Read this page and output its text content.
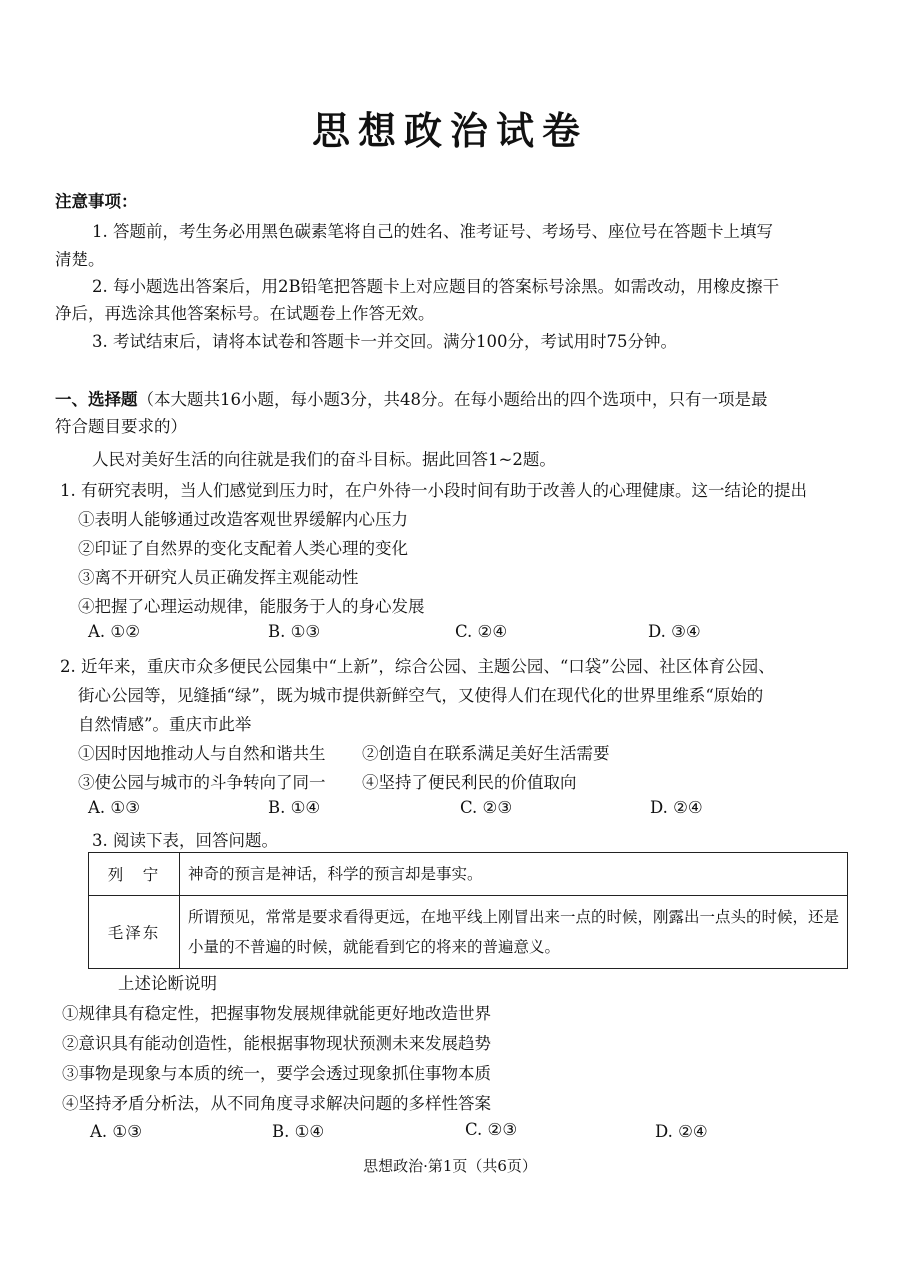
思想政治试卷
注意事项：
1. 答题前，考生务必用黑色碳素笔将自己的姓名、准考证号、考场号、座位号在答题卡上填写
清楚。
2. 每小题选出答案后，用2B铅笔把答题卡上对应题目的答案标号涂黑。如需改动，用橡皮擦干
净后，再选涂其他答案标号。在试题卷上作答无效。
3. 考试结束后，请将本试卷和答题卡一并交回。满分100分，考试用时75分钟。
一、选择题（本大题共16小题，每小题3分，共48分。在每小题给出的四个选项中，只有一项是最
符合题目要求的）
人民对美好生活的向往就是我们的奋斗目标。据此回答1~2题。
1. 有研究表明，当人们感觉到压力时，在户外待一小段时间有助于改善人的心理健康。这一结论的提出
①表明人能够通过改造客观世界缓解内心压力
②印证了自然界的变化支配着人类心理的变化
③离不开研究人员正确发挥主观能动性
④把握了心理运动规律，能服务于人的身心发展
A. ①②	B. ①③	C. ②④	D. ③④
2. 近年来，重庆市众多便民公园集中“上新”，综合公园、主题公园、“口袋”公园、社区体育公园、
街心公园等，见缝插“绿”，既为城市提供新鲜空气，又使得人们在现代化的世界里维系“原始的
自然情感”。重庆市此举
①因时因地推动人与自然和谐共生 ②创造自在联系满足美好生活需要
③使公园与城市的斗争转向了同一 ④坚持了便民利民的价值取向
A. ①③	B. ①④	C. ②③	D. ②④
3. 阅读下表，回答问题。
列　宁	神奇的预言是神话，科学的预言却是事实。
毛泽东	所谓预见，常常是要求看得更远，在地平线上刚冒出来一点的时候，刚露出一点头的时候，还是小量的不普遍的时候，就能看到它的将来的普遍意义。
上述论断说明
①规律具有稳定性，把握事物发展规律就能更好地改造世界
②意识具有能动创造性，能根据事物现状预测未来发展趋势
③事物是现象与本质的统一，要学会透过现象抓住事物本质
④坚持矛盾分析法，从不同角度寻求解决问题的多样性答案
A. ①③	B. ①④	C. ②③	D. ②④
思想政治·第1页（共6页）
